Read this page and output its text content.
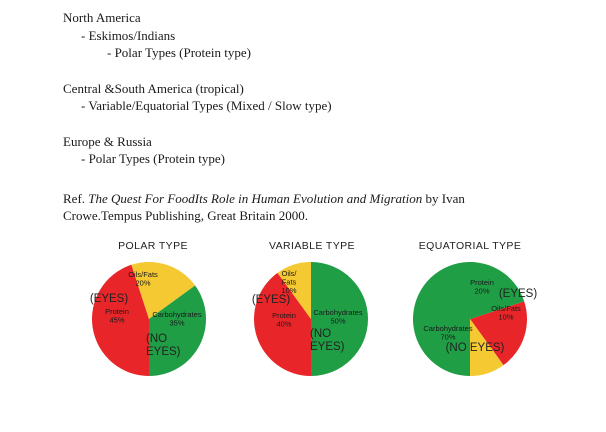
North America
- Eskimos/Indians
- Polar Types (Protein type)
Central &South America (tropical)
- Variable/Equatorial Types (Mixed / Slow type)
Europe & Russia
- Polar Types (Protein type)
Ref. The Quest For FoodIts Role in Human Evolution and Migration by Ivan Crowe.Tempus Publishing, Great Britain 2000.
POLAR TYPE	VARIABLE TYPE	EQUATORIAL TYPE
Protein
45%
Oils/Fats
20%
Carbohydrates
35%
(EYES)
(NO
EYES)
Protein
40%
Oils/
Fats
10%
Carbohydrates
50%
(EYES)
(NO
EYES)
Protein
20%
Oils/Fats
10%
Carbohydrates
70%
(EYES)
(NO EYES)
